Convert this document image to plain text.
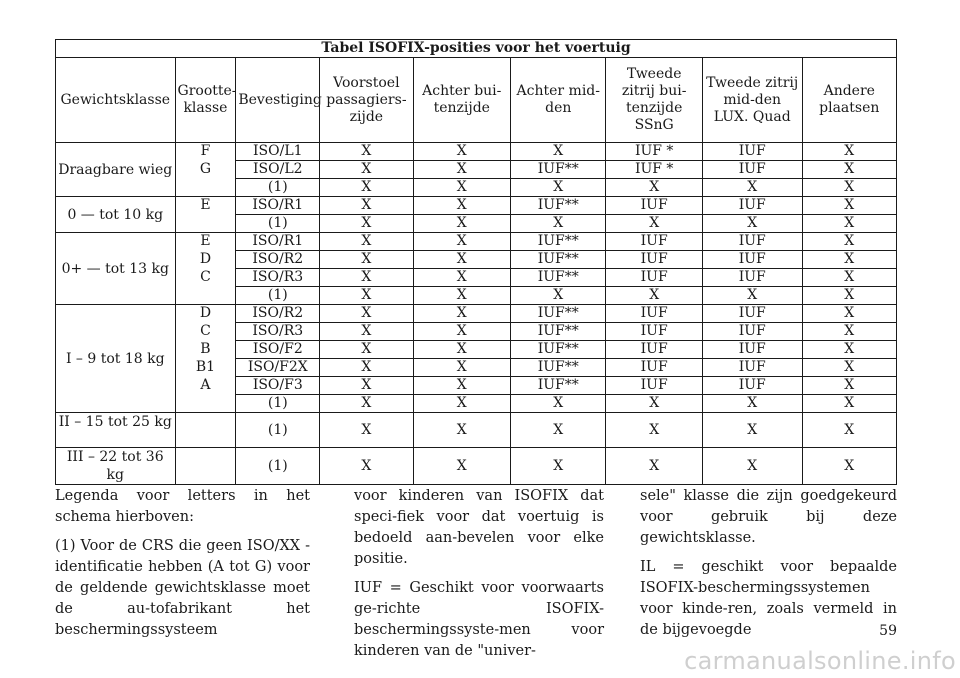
Tabel ISOFIX-posities voor het voertuig								
Gewichtsklasse	Grootte-klasse	Bevestiging	Voorstoel passagiers-zijde	Achter bui-tenzijde	Achter mid-den	Tweede zitrij bui-tenzijde SSnG	Tweede zitrij mid-den LUX. Quad	Andere plaatsen
Draagbare wieg	F	ISO/L1	X	X	X	IUF *	IUF	X
	G	ISO/L2	X	X	IUF**	IUF *	IUF	X
		(1)	X	X	X	X	X	X
0 — tot 10 kg	E	ISO/R1	X	X	IUF**	IUF	IUF	X
		(1)	X	X	X	X	X	X
0+ — tot 13 kg	E	ISO/R1	X	X	IUF**	IUF	IUF	X
	D	ISO/R2	X	X	IUF**	IUF	IUF	X
	C	ISO/R3	X	X	IUF**	IUF	IUF	X
		(1)	X	X	X	X	X	X
I – 9 tot 18 kg	D	ISO/R2	X	X	IUF**	IUF	IUF	X
	C	ISO/R3	X	X	IUF**	IUF	IUF	X
	B	ISO/F2	X	X	IUF**	IUF	IUF	X
	B1	ISO/F2X	X	X	IUF**	IUF	IUF	X
	A	ISO/F3	X	X	IUF**	IUF	IUF	X
		(1)	X	X	X	X	X	X
II – 15 tot 25 kg		(1)	X	X	X	X	X	X
III – 22 tot 36 kg		(1)	X	X	X	X	X	X

Legenda voor letters in het schema hierboven:

(1) Voor de CRS die geen ISO/XX -identificatie hebben (A tot G) voor de geldende gewichtsklasse moet de au-tofabrikant het beschermingssysteem

voor kinderen van ISOFIX dat speci-fiek voor dat voertuig is bedoeld aan-bevelen voor elke positie.

IUF = Geschikt voor voorwaarts ge-richte ISOFIX-beschermingssyste-men voor kinderen van de "univer-

sele" klasse die zijn goedgekeurd voor gebruik bij deze gewichtsklasse.

IL = geschikt voor bepaalde ISOFIX-beschermingssystemen voor kinde-ren, zoals vermeld in de bijgevoegde	59
carmanualsonline.info
